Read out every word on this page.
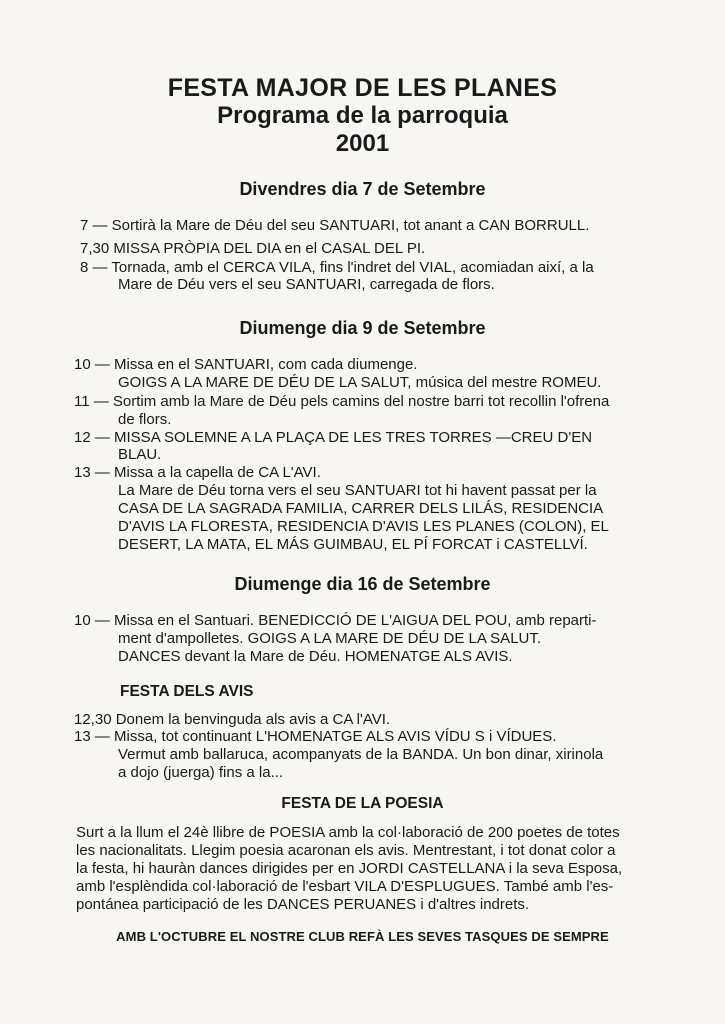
FESTA MAJOR DE LES PLANES
Programa de la parroquia
2001
Divendres dia 7 de Setembre
7 — Sortirà la Mare de Déu del seu SANTUARI, tot anant a CAN BORRULL.
7,30 MISSA PRÒPIA DEL DIA en el CASAL DEL PI.
8 — Tornada, amb el CERCA VILA, fins l'indret del VIAL, acomiadan així, a la
Mare de Déu vers el seu SANTUARI, carregada de flors.
Diumenge dia 9 de Setembre
10 — Missa en el SANTUARI, com cada diumenge.
GOIGS A LA MARE DE DÉU DE LA SALUT, música del mestre ROMEU.
11 — Sortim amb la Mare de Déu pels camins del nostre barri tot recollin l'ofrena
de flors.
12 — MISSA SOLEMNE A LA PLAÇA DE LES TRES TORRES —CREU D'EN
BLAU.
13 — Missa a la capella de CA L'AVI.
La Mare de Déu torna vers el seu SANTUARI tot hi havent passat per la
CASA DE LA SAGRADA FAMILIA, CARRER DELS LILÁS, RESIDENCIA
D'AVIS LA FLORESTA, RESIDENCIA D'AVIS LES PLANES (COLON), EL
DESERT, LA MATA, EL MÁS GUIMBAU, EL PÍ FORCAT i CASTELLVÍ.
Diumenge dia 16 de Setembre
10 — Missa en el Santuari. BENEDICCIÓ DE L'AIGUA DEL POU, amb reparti-
ment d'ampolletes. GOIGS A LA MARE DE DÉU DE LA SALUT.
DANCES devant la Mare de Déu. HOMENATGE ALS AVIS.
FESTA DELS AVIS
12,30 Donem la benvinguda als avis a CA l'AVI.
13 — Missa, tot continuant L'HOMENATGE ALS AVIS VÍDU S i VÍDUES.
Vermut amb ballaruca, acompanyats de la BANDA. Un bon dinar, xirinola
a dojo (juerga) fins a la...
FESTA DE LA POESIA
Surt a la llum el 24è llibre de POESIA amb la col·laboració de 200 poetes de totes
les nacionalitats. Llegim poesia acaronan els avis. Mentrestant, i tot donat color a
la festa, hi hauràn dances dirigides per en JORDI CASTELLANA i la seva Esposa,
amb l'esplèndida col·laboració de l'esbart VILA D'ESPLUGUES. També amb l'es-
pontánea participació de les DANCES PERUANES i d'altres indrets.
AMB L'OCTUBRE EL NOSTRE CLUB REFÀ LES SEVES TASQUES DE SEMPRE
